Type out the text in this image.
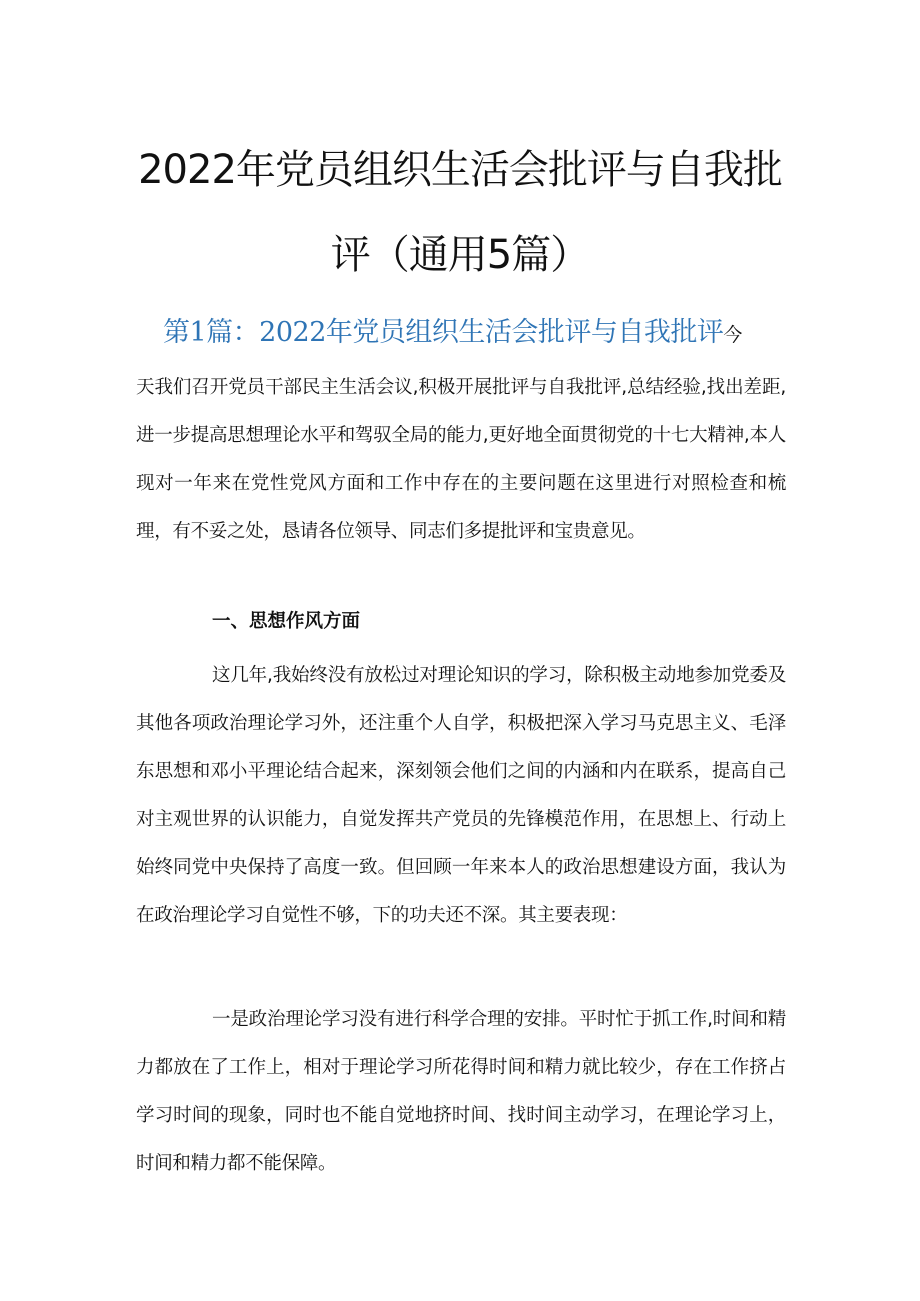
2022年党员组织生活会批评与自我批
评（通用5篇）
第1篇：2022年党员组织生活会批评与自我批评今

天我们召开党员干部民主生活会议,积极开展批评与自我批评,总结经验,找出差距,进一步提高思想理论水平和驾驭全局的能力,更好地全面贯彻党的十七大精神,本人现对一年来在党性党风方面和工作中存在的主要问题在这里进行对照检查和梳理，有不妥之处，恳请各位领导、同志们多提批评和宝贵意见。

一、思想作风方面

这几年,我始终没有放松过对理论知识的学习，除积极主动地参加党委及其他各项政治理论学习外，还注重个人自学，积极把深入学习马克思主义、毛泽东思想和邓小平理论结合起来，深刻领会他们之间的内涵和内在联系，提高自己对主观世界的认识能力，自觉发挥共产党员的先锋模范作用，在思想上、行动上始终同党中央保持了高度一致。但回顾一年来本人的政治思想建设方面，我认为在政治理论学习自觉性不够，下的功夫还不深。其主要表现：

一是政治理论学习没有进行科学合理的安排。平时忙于抓工作,时间和精力都放在了工作上，相对于理论学习所花得时间和精力就比较少，存在工作挤占学习时间的现象，同时也不能自觉地挤时间、找时间主动学习，在理论学习上，时间和精力都不能保障。
